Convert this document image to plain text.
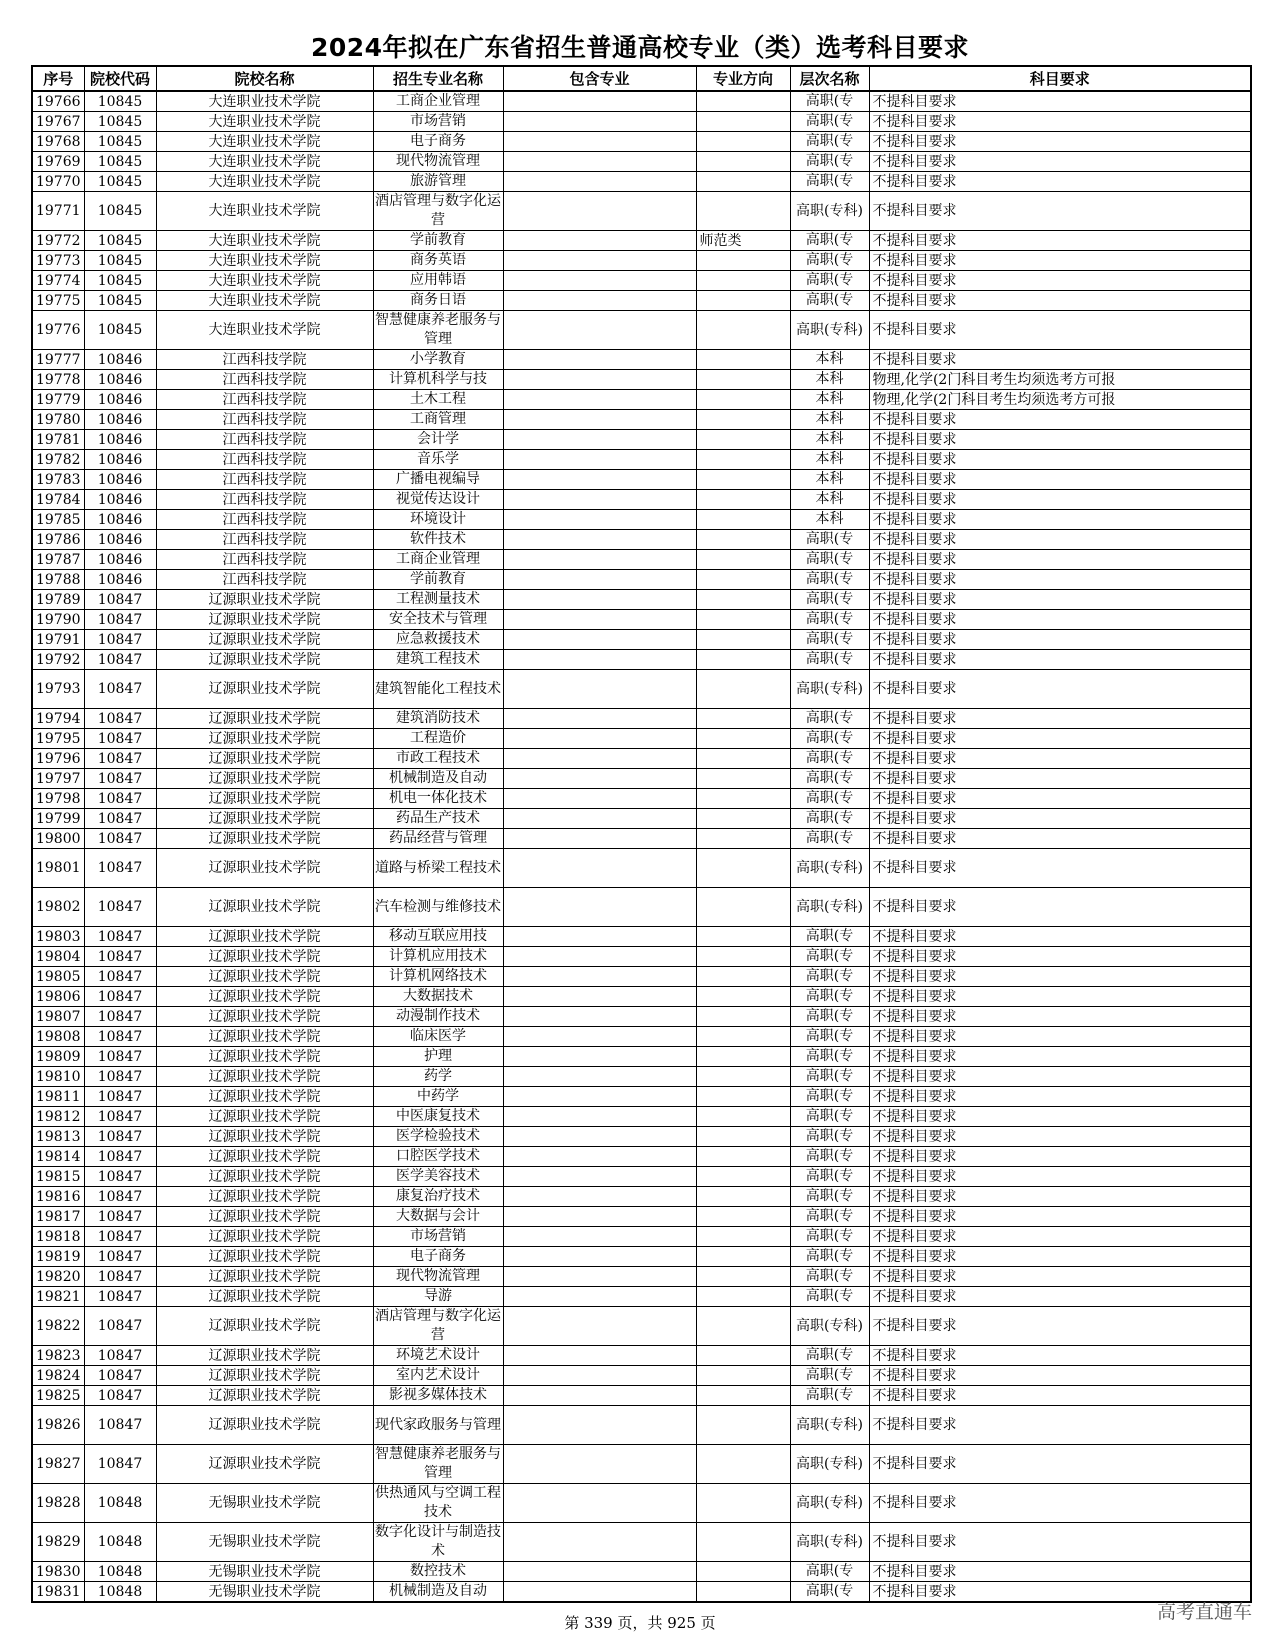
2024年拟在广东省招生普通高校专业（类）选考科目要求
序号	院校代码	院校名称	招生专业名称	包含专业	专业方向	层次名称	科目要求
19766	10845	大连职业技术学院	工商企业管理			高职(专	不提科目要求
19767	10845	大连职业技术学院	市场营销			高职(专	不提科目要求
19768	10845	大连职业技术学院	电子商务			高职(专	不提科目要求
19769	10845	大连职业技术学院	现代物流管理			高职(专	不提科目要求
19770	10845	大连职业技术学院	旅游管理			高职(专	不提科目要求
19771	10845	大连职业技术学院	酒店管理与数字化运营			高职(专科)	不提科目要求
19772	10845	大连职业技术学院	学前教育		师范类	高职(专	不提科目要求
19773	10845	大连职业技术学院	商务英语			高职(专	不提科目要求
19774	10845	大连职业技术学院	应用韩语			高职(专	不提科目要求
19775	10845	大连职业技术学院	商务日语			高职(专	不提科目要求
19776	10845	大连职业技术学院	智慧健康养老服务与管理			高职(专科)	不提科目要求
19777	10846	江西科技学院	小学教育			本科	不提科目要求
19778	10846	江西科技学院	计算机科学与技			本科	物理,化学(2门科目考生均须选考方可报
19779	10846	江西科技学院	土木工程			本科	物理,化学(2门科目考生均须选考方可报
19780	10846	江西科技学院	工商管理			本科	不提科目要求
19781	10846	江西科技学院	会计学			本科	不提科目要求
19782	10846	江西科技学院	音乐学			本科	不提科目要求
19783	10846	江西科技学院	广播电视编导			本科	不提科目要求
19784	10846	江西科技学院	视觉传达设计			本科	不提科目要求
19785	10846	江西科技学院	环境设计			本科	不提科目要求
19786	10846	江西科技学院	软件技术			高职(专	不提科目要求
19787	10846	江西科技学院	工商企业管理			高职(专	不提科目要求
19788	10846	江西科技学院	学前教育			高职(专	不提科目要求
19789	10847	辽源职业技术学院	工程测量技术			高职(专	不提科目要求
19790	10847	辽源职业技术学院	安全技术与管理			高职(专	不提科目要求
19791	10847	辽源职业技术学院	应急救援技术			高职(专	不提科目要求
19792	10847	辽源职业技术学院	建筑工程技术			高职(专	不提科目要求
19793	10847	辽源职业技术学院	建筑智能化工程技术			高职(专科)	不提科目要求
19794	10847	辽源职业技术学院	建筑消防技术			高职(专	不提科目要求
19795	10847	辽源职业技术学院	工程造价			高职(专	不提科目要求
19796	10847	辽源职业技术学院	市政工程技术			高职(专	不提科目要求
19797	10847	辽源职业技术学院	机械制造及自动			高职(专	不提科目要求
19798	10847	辽源职业技术学院	机电一体化技术			高职(专	不提科目要求
19799	10847	辽源职业技术学院	药品生产技术			高职(专	不提科目要求
19800	10847	辽源职业技术学院	药品经营与管理			高职(专	不提科目要求
19801	10847	辽源职业技术学院	道路与桥梁工程技术			高职(专科)	不提科目要求
19802	10847	辽源职业技术学院	汽车检测与维修技术			高职(专科)	不提科目要求
19803	10847	辽源职业技术学院	移动互联应用技			高职(专	不提科目要求
19804	10847	辽源职业技术学院	计算机应用技术			高职(专	不提科目要求
19805	10847	辽源职业技术学院	计算机网络技术			高职(专	不提科目要求
19806	10847	辽源职业技术学院	大数据技术			高职(专	不提科目要求
19807	10847	辽源职业技术学院	动漫制作技术			高职(专	不提科目要求
19808	10847	辽源职业技术学院	临床医学			高职(专	不提科目要求
19809	10847	辽源职业技术学院	护理			高职(专	不提科目要求
19810	10847	辽源职业技术学院	药学			高职(专	不提科目要求
19811	10847	辽源职业技术学院	中药学			高职(专	不提科目要求
19812	10847	辽源职业技术学院	中医康复技术			高职(专	不提科目要求
19813	10847	辽源职业技术学院	医学检验技术			高职(专	不提科目要求
19814	10847	辽源职业技术学院	口腔医学技术			高职(专	不提科目要求
19815	10847	辽源职业技术学院	医学美容技术			高职(专	不提科目要求
19816	10847	辽源职业技术学院	康复治疗技术			高职(专	不提科目要求
19817	10847	辽源职业技术学院	大数据与会计			高职(专	不提科目要求
19818	10847	辽源职业技术学院	市场营销			高职(专	不提科目要求
19819	10847	辽源职业技术学院	电子商务			高职(专	不提科目要求
19820	10847	辽源职业技术学院	现代物流管理			高职(专	不提科目要求
19821	10847	辽源职业技术学院	导游			高职(专	不提科目要求
19822	10847	辽源职业技术学院	酒店管理与数字化运营			高职(专科)	不提科目要求
19823	10847	辽源职业技术学院	环境艺术设计			高职(专	不提科目要求
19824	10847	辽源职业技术学院	室内艺术设计			高职(专	不提科目要求
19825	10847	辽源职业技术学院	影视多媒体技术			高职(专	不提科目要求
19826	10847	辽源职业技术学院	现代家政服务与管理			高职(专科)	不提科目要求
19827	10847	辽源职业技术学院	智慧健康养老服务与管理			高职(专科)	不提科目要求
19828	10848	无锡职业技术学院	供热通风与空调工程技术			高职(专科)	不提科目要求
19829	10848	无锡职业技术学院	数字化设计与制造技术			高职(专科)	不提科目要求
19830	10848	无锡职业技术学院	数控技术			高职(专	不提科目要求
19831	10848	无锡职业技术学院	机械制造及自动			高职(专	不提科目要求
第 339 页，共 925 页	高考直通车
